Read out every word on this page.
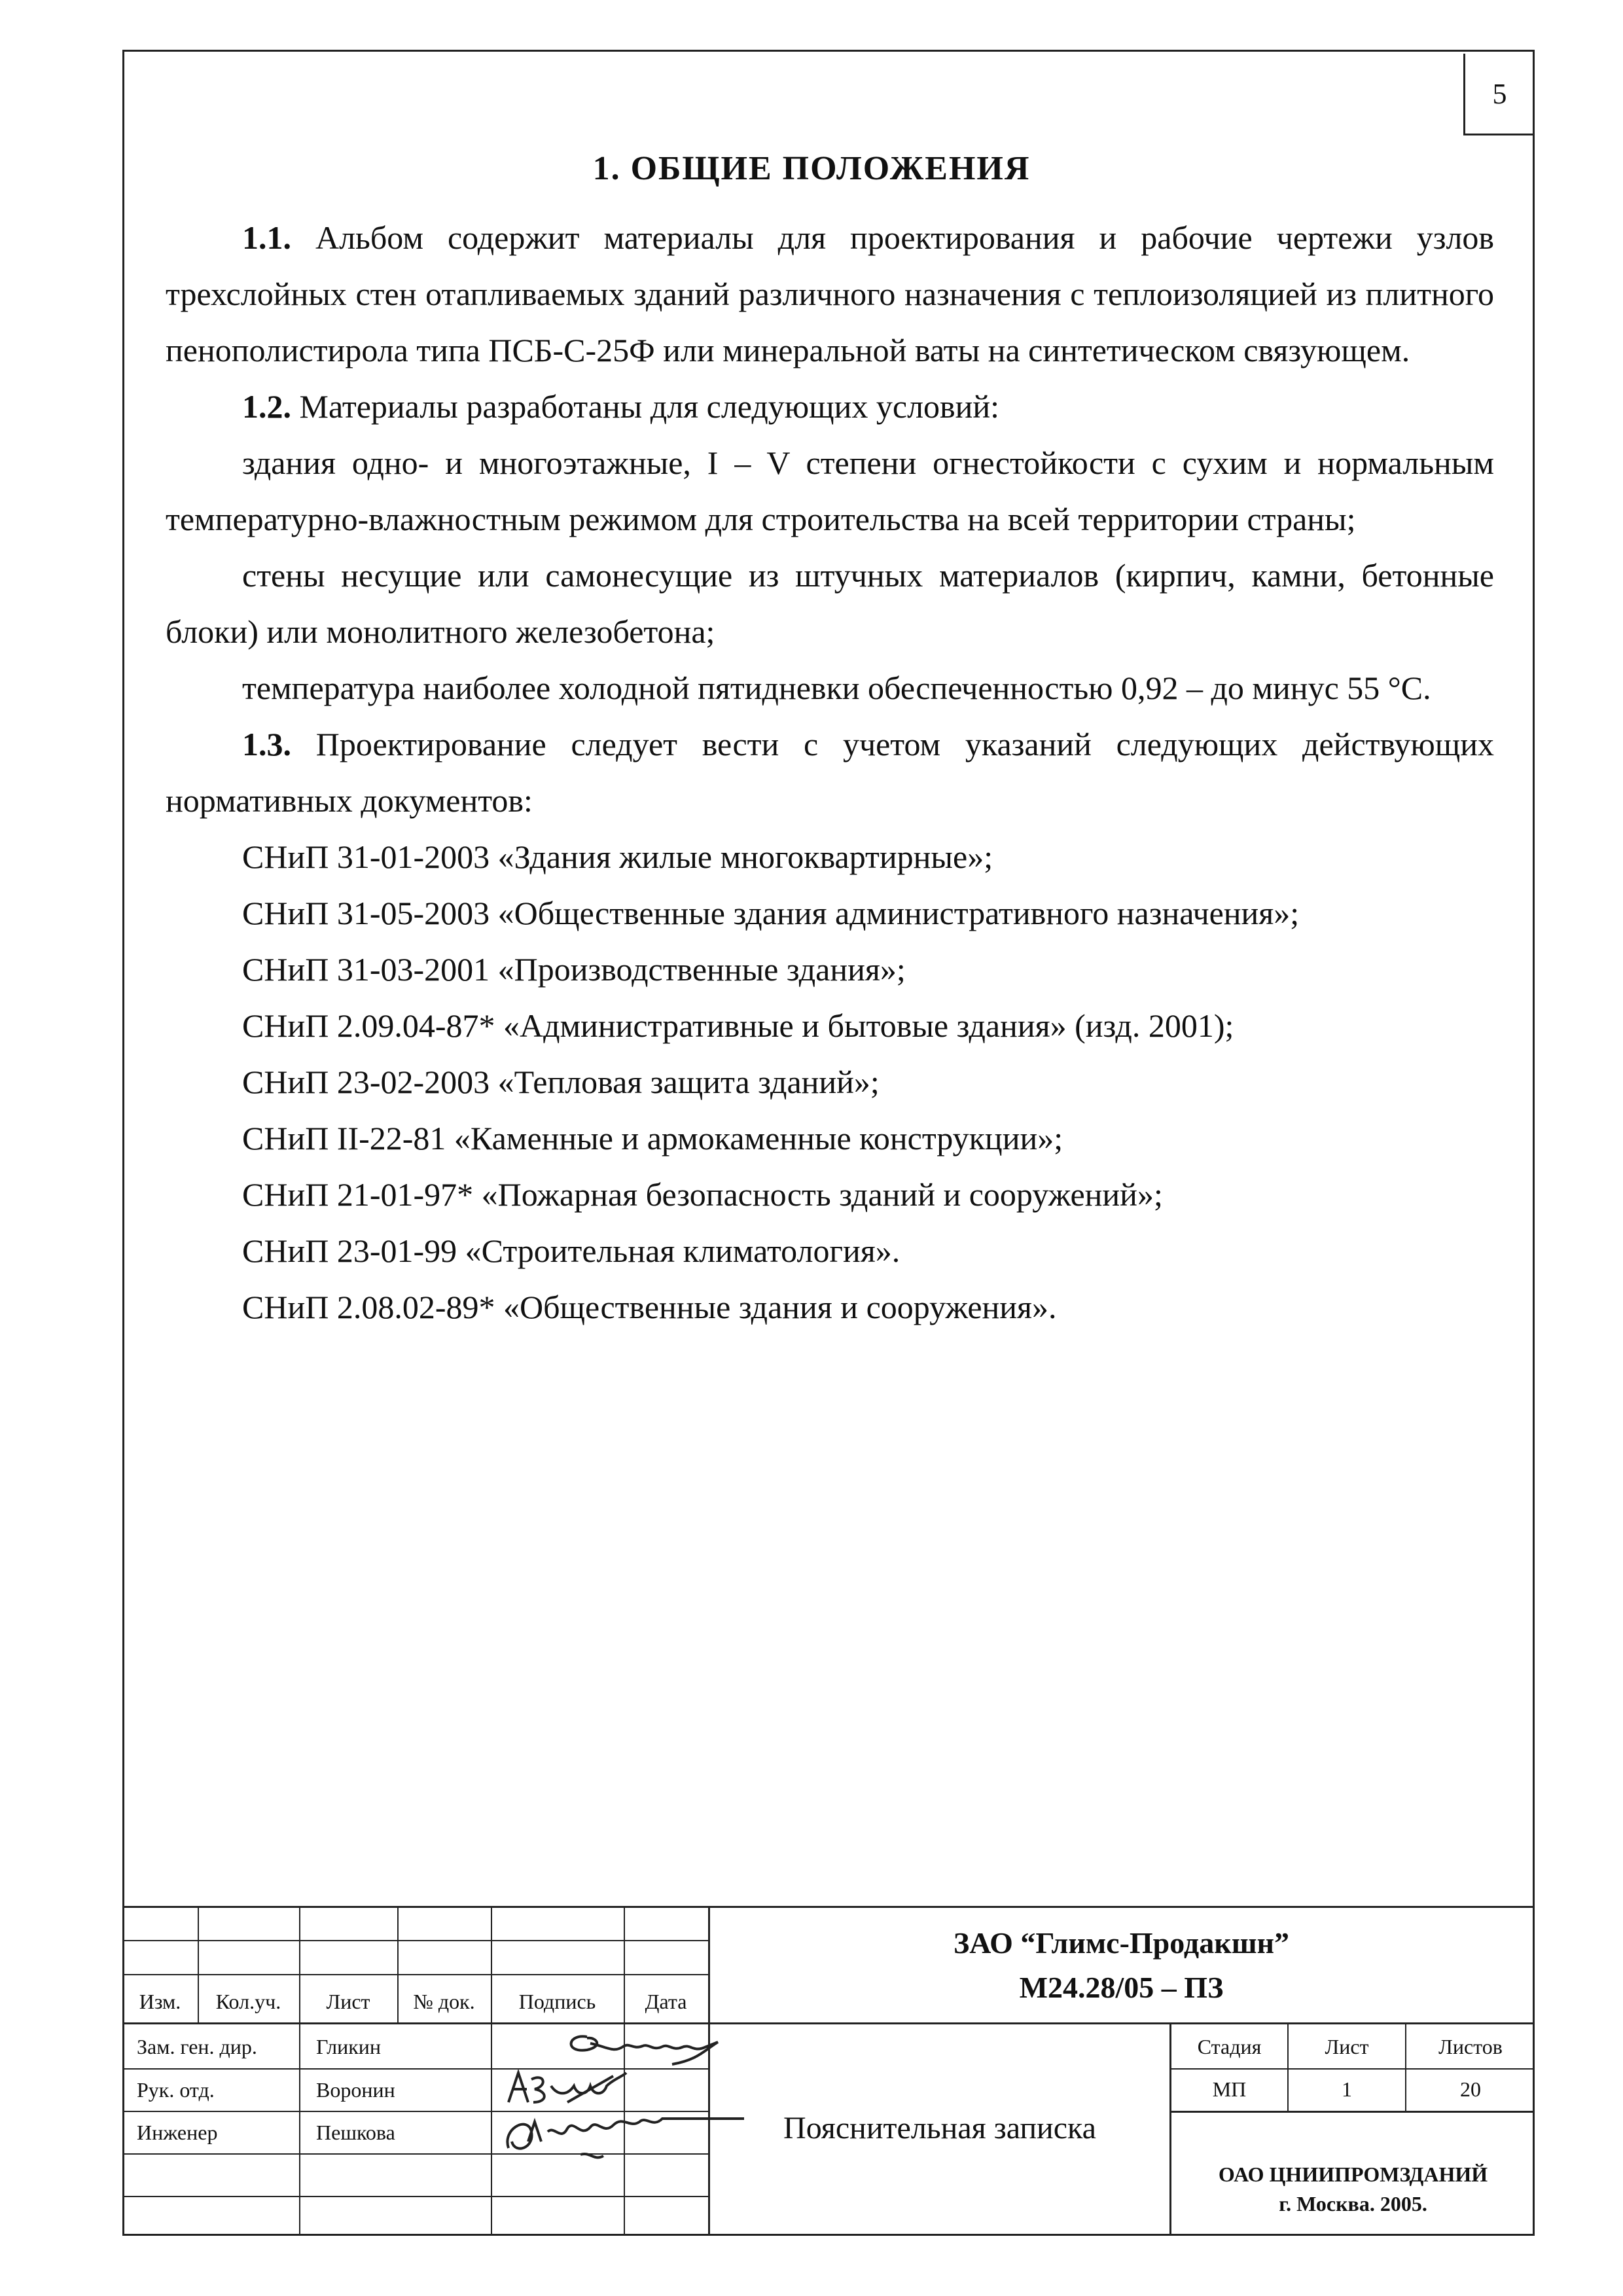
5
1. ОБЩИЕ ПОЛОЖЕНИЯ

1.1. Альбом содержит материалы для проектирования и рабочие чертежи узлов трехслойных стен отапливаемых зданий различного назначения с теплоизоляцией из плитного пенополистирола типа ПСБ-С-25Ф или минеральной ваты на синтетическом связующем.

1.2. Материалы разработаны для следующих условий:

здания одно- и многоэтажные, I – V степени огнестойкости с сухим и нормальным температурно-влажностным режимом для строительства на всей территории страны;

стены несущие или самонесущие из штучных материалов (кирпич, камни, бетонные блоки) или монолитного железобетона;

температура наиболее холодной пятидневки обеспеченностью 0,92 – до минус 55 °С.

1.3. Проектирование следует вести с учетом указаний следующих действующих нормативных документов:

СНиП 31-01-2003 «Здания жилые многоквартирные»;

СНиП 31-05-2003 «Общественные здания административного назначения»;

СНиП 31-03-2001 «Производственные здания»;

СНиП 2.09.04-87* «Административные и бытовые здания» (изд. 2001);

СНиП 23-02-2003 «Тепловая защита зданий»;

СНиП II-22-81 «Каменные и армокаменные конструкции»;

СНиП 21-01-97* «Пожарная безопасность зданий и сооружений»;

СНиП 23-01-99 «Строительная климатология».

СНиП 2.08.02-89* «Общественные здания и сооружения».

Изм.	Кол.уч.	Лист	№ док.	Подпись	Дата
Зам. ген. дир.	Гликин
Рук. отд.	Воронин
Инженер	Пешкова
ЗАО “Глимс-Продакшн”
М24.28/05 – ПЗ
Стадия	Лист	Листов
МП	1	20
Пояснительная записка
ОАО ЦНИИПРОМЗДАНИЙ
г. Москва. 2005.
